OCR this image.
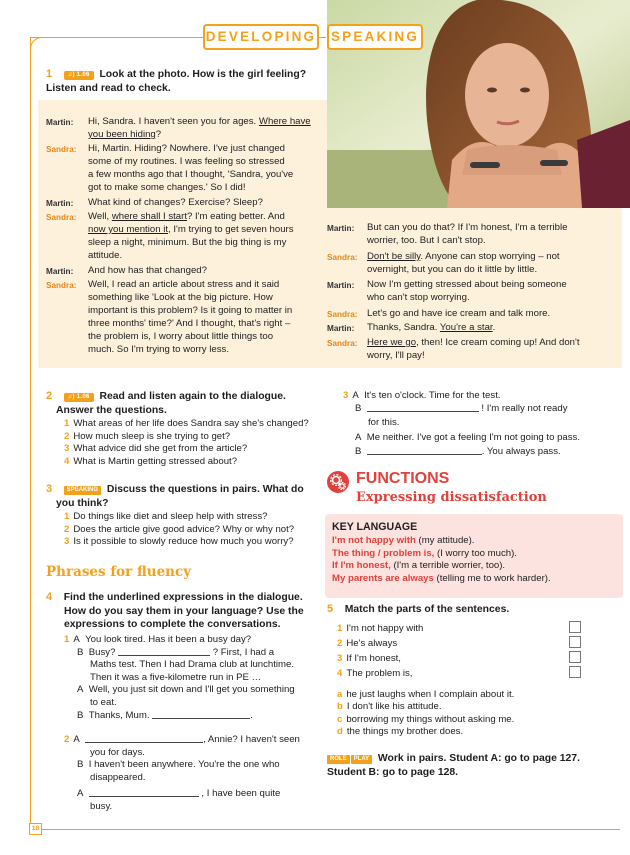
DEVELOPING SPEAKING
1	♫) 1.06 Look at the photo. How is the girl feeling?
Listen and read to check.
Martin: Hi, Sandra. I haven't seen you for ages. Where have
you been hiding?
Sandra: Hi, Martin. Hiding? Nowhere. I've just changed
some of my routines. I was feeling so stressed
a few months ago that I thought, 'Sandra, you've
got to make some changes.' So I did!
Martin: What kind of changes? Exercise? Sleep?
Sandra: Well, where shall I start? I'm eating better. And
now you mention it, I'm trying to get seven hours
sleep a night, minimum. But the big thing is my
attitude.
Martin: And how has that changed?
Sandra: Well, I read an article about stress and it said
something like 'Look at the big picture. How
important is this problem? Is it going to matter in
three months' time?' And I thought, that's right –
the problem is, I worry about little things too
much. So I'm trying to worry less.
Martin: But can you do that? If I'm honest, I'm a terrible
worrier, too. But I can't stop.
Sandra: Don't be silly. Anyone can stop worrying – not
overnight, but you can do it little by little.
Martin: Now I'm getting stressed about being someone
who can't stop worrying.
Sandra: Let's go and have ice cream and talk more.
Martin: Thanks, Sandra. You're a star.
Sandra: Here we go, then! Ice cream coming up! And don't
worry, I'll pay!
2	♫) 1.06 Read and listen again to the dialogue.
Answer the questions.
1 What areas of her life does Sandra say she's changed?
2 How much sleep is she trying to get?
3 What advice did she get from the article?
4 What is Martin getting stressed about?
3 SPEAKING Discuss the questions in pairs. What do
you think?
1 Do things like diet and sleep help with stress?
2 Does the article give good advice? Why or why not?
3 Is it possible to slowly reduce how much you worry?
Phrases for fluency
4 Find the underlined expressions in the dialogue.
How do you say them in your language? Use the
expressions to complete the conversations.
1 A You look tired. Has it been a busy day?
B Busy?	? First, I had a
Maths test. Then I had Drama club at lunchtime.
Then it was a five-kilometre run in PE …
A Well, you just sit down and I'll get you something
to eat.
B Thanks, Mum.	.
2 A	, Annie? I haven't seen
you for days.
B I haven't been anywhere. You're the one who
disappeared.
A	, I have been quite
busy.
3 A It's ten o'clock. Time for the test.
B	! I'm really not ready
for this.
A Me neither. I've got a feeling I'm not going to pass.
B	. You always pass.
FUNCTIONS
Expressing dissatisfaction
KEY LANGUAGE
I'm not happy with (my attitude).
The thing / problem is, (I worry too much).
If I'm honest, (I'm a terrible worrier, too).
My parents are always (telling me to work harder).
5 Match the parts of the sentences.
1 I'm not happy with
2 He's always
3 If I'm honest,
4 The problem is,
a he just laughs when I complain about it.
b I don't like his attitude.
c borrowing my things without asking me.
d the things my brother does.
ROLE PLAY Work in pairs. Student A: go to page 127.
Student B: go to page 128.
18
